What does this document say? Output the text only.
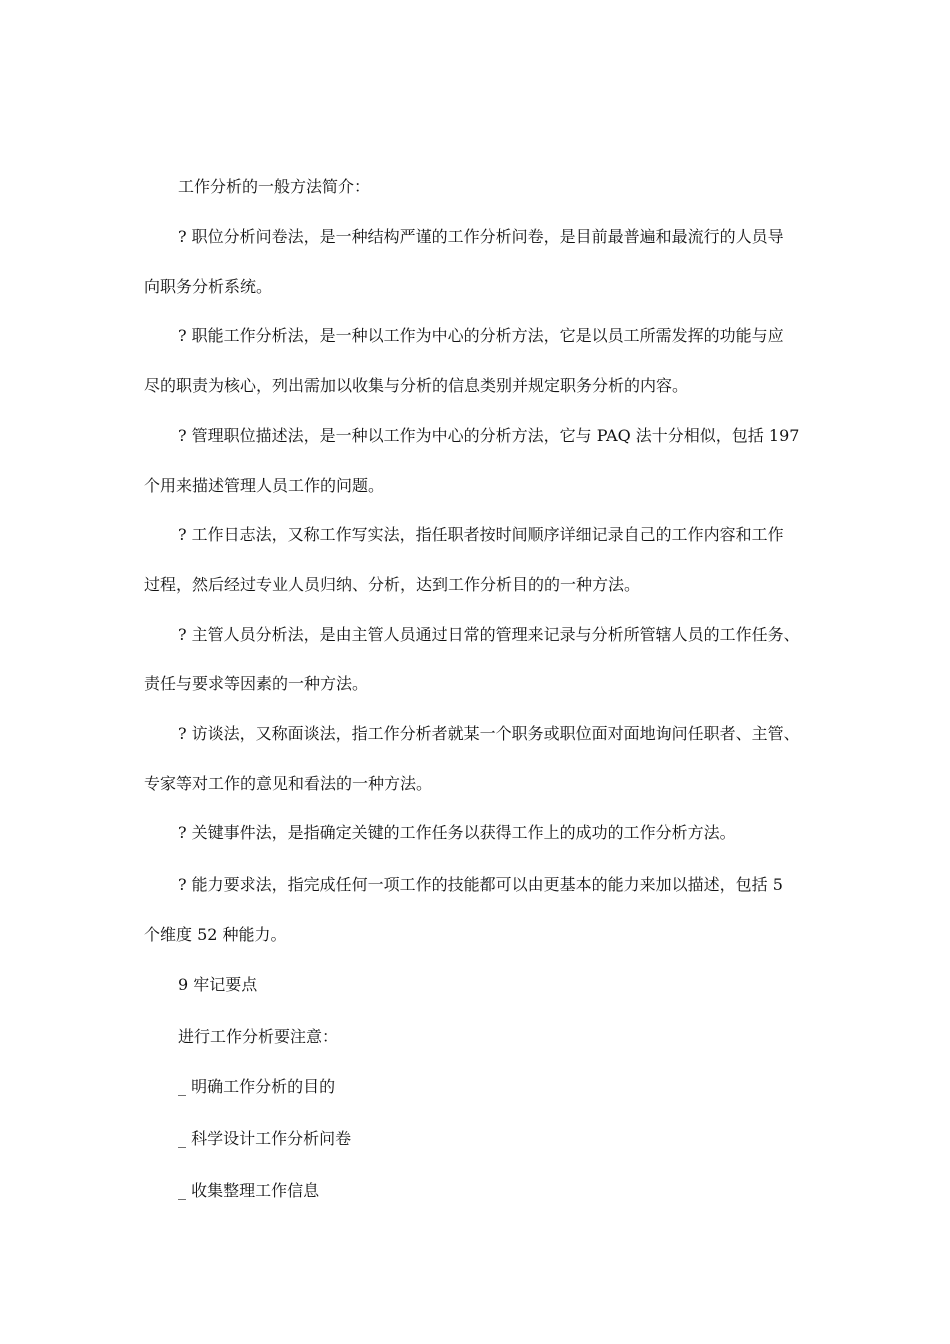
工作分析的一般方法简介：
? 职位分析问卷法，是一种结构严谨的工作分析问卷，是目前最普遍和最流行的人员导
向职务分析系统。
? 职能工作分析法，是一种以工作为中心的分析方法，它是以员工所需发挥的功能与应
尽的职责为核心，列出需加以收集与分析的信息类别并规定职务分析的内容。
? 管理职位描述法，是一种以工作为中心的分析方法，它与 PAQ 法十分相似，包括 197
个用来描述管理人员工作的问题。
? 工作日志法，又称工作写实法，指任职者按时间顺序详细记录自己的工作内容和工作
过程，然后经过专业人员归纳、分析，达到工作分析目的的一种方法。
? 主管人员分析法，是由主管人员通过日常的管理来记录与分析所管辖人员的工作任务、
责任与要求等因素的一种方法。
? 访谈法，又称面谈法，指工作分析者就某一个职务或职位面对面地询问任职者、主管、
专家等对工作的意见和看法的一种方法。
? 关键事件法，是指确定关键的工作任务以获得工作上的成功的工作分析方法。
? 能力要求法，指完成任何一项工作的技能都可以由更基本的能力来加以描述，包括 5
个维度 52 种能力。
9 牢记要点
进行工作分析要注意：
_ 明确工作分析的目的
_ 科学设计工作分析问卷
_ 收集整理工作信息
